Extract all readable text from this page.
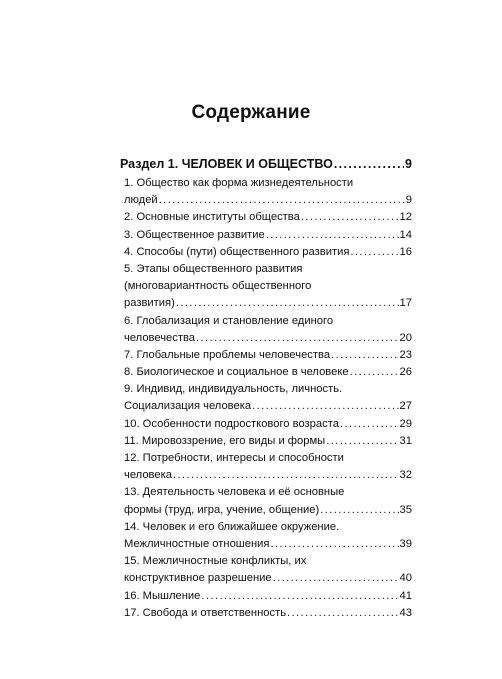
Содержание
Раздел 1. ЧЕЛОВЕК И ОБЩЕСТВО .....	9
1. Общество как форма жизнедеятельности
людей .....	9
2. Основные институты общества .....	12
3. Общественное развитие .....	14
4. Способы (пути) общественного развития .....	16
5. Этапы общественного развития
(многовариантность общественного
развития) .....	17
6. Глобализация и становление единого
человечества .....	20
7. Глобальные проблемы человечества .....	23
8. Биологическое и социальное в человеке .....	26
9. Индивид, индивидуальность, личность.
Социализация человека .....	27
10. Особенности подросткового возраста .....	29
11. Мировоззрение, его виды и формы .....	31
12. Потребности, интересы и способности
человека .....	32
13. Деятельность человека и её основные
формы (труд, игра, учение, общение) .....	35
14. Человек и его ближайшее окружение.
Межличностные отношения .....	39
15. Межличностные конфликты, их
конструктивное разрешение .....	40
16. Мышление .....	41
17. Свобода и ответственность .....	43
